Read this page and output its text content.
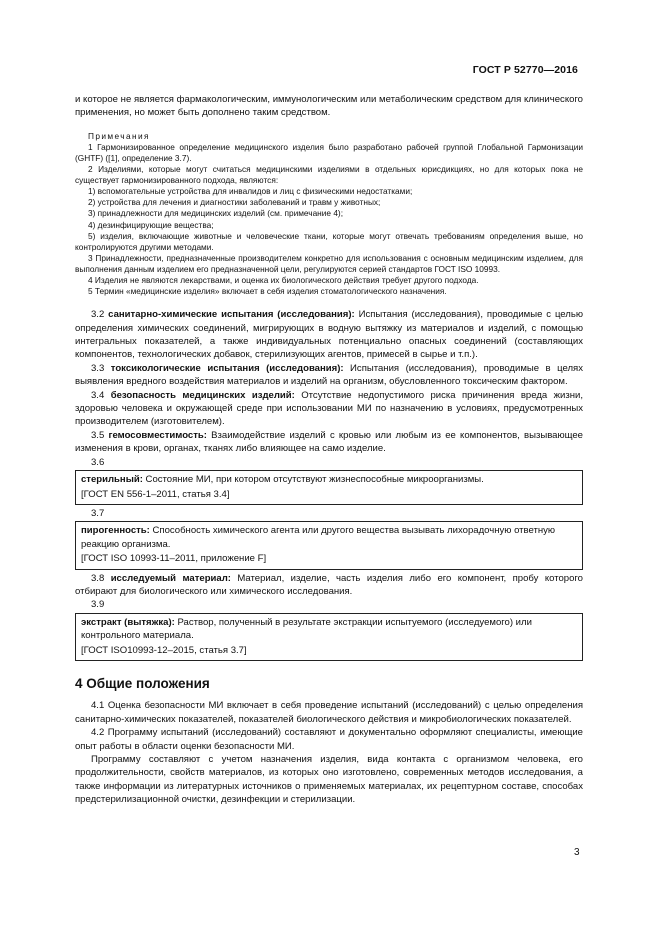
ГОСТ Р 52770—2016

и которое не является фармакологическим, иммунологическим или метаболическим средством для клинического применения, но может быть дополнено таким средством.

Примечания

1 Гармонизированное определение медицинского изделия было разработано рабочей группой Глобальной Гармонизации (GHTF) ([1], определение 3.7).

2 Изделиями, которые могут считаться медицинскими изделиями в отдельных юрисдикциях, но для которых пока не существует гармонизированного подхода, являются:

1) вспомогательные устройства для инвалидов и лиц с физическими недостатками;

2) устройства для лечения и диагностики заболеваний и травм у животных;

3) принадлежности для медицинских изделий (см. примечание 4);

4) дезинфицирующие вещества;

5) изделия, включающие животные и человеческие ткани, которые могут отвечать требованиям определения выше, но контролируются другими методами.

3 Принадлежности, предназначенные производителем конкретно для использования с основным медицинским изделием, для выполнения данным изделием его предназначенной цели, регулируются серией стандартов ГОСТ ISO 10993.

4 Изделия не являются лекарствами, и оценка их биологического действия требует другого подхода.

5 Термин «медицинские изделия» включает в себя изделия стоматологического назначения.

3.2 санитарно-химические испытания (исследования): Испытания (исследования), проводимые с целью определения химических соединений, мигрирующих в водную вытяжку из материалов и изделий, с помощью интегральных показателей, а также индивидуальных потенциально опасных соединений (составляющих компонентов, технологических добавок, стерилизующих агентов, примесей в сырье и т.п.).

3.3 токсикологические испытания (исследования): Испытания (исследования), проводимые в целях выявления вредного воздействия материалов и изделий на организм, обусловленного токсическим фактором.

3.4 безопасность медицинских изделий: Отсутствие недопустимого риска причинения вреда жизни, здоровью человека и окружающей среде при использовании МИ по назначению в условиях, предусмотренных производителем (изготовителем).

3.5 гемосовместимость: Взаимодействие изделий с кровью или любым из ее компонентов, вызывающее изменения в крови, органах, тканях либо влияющее на само изделие.

3.6

стерильный: Состояние МИ, при котором отсутствуют жизнеспособные микроорганизмы.

[ГОСТ EN 556-1–2011, статья 3.4]

3.7

пирогенность: Способность химического агента или другого вещества вызывать лихорадочную ответную реакцию организма.

[ГОСТ ISO 10993-11–2011, приложение F]

3.8 исследуемый материал: Материал, изделие, часть изделия либо его компонент, пробу которого отбирают для биологического или химического исследования.

3.9

экстракт (вытяжка): Раствор, полученный в результате экстракции испытуемого (исследуемого) или контрольного материала.

[ГОСТ ISO10993-12–2015, статья 3.7]

4 Общие положения

4.1 Оценка безопасности МИ включает в себя проведение испытаний (исследований) с целью определения санитарно-химических показателей, показателей биологического действия и микробиологических показателей.

4.2 Программу испытаний (исследований) составляют и документально оформляют специалисты, имеющие опыт работы в области оценки безопасности МИ.

Программу составляют с учетом назначения изделия, вида контакта с организмом человека, его продолжительности, свойств материалов, из которых оно изготовлено, современных методов исследования, а также информации из литературных источников о применяемых материалах, их рецептурном составе, способах предстерилизационной очистки, дезинфекции и стерилизации.

3
